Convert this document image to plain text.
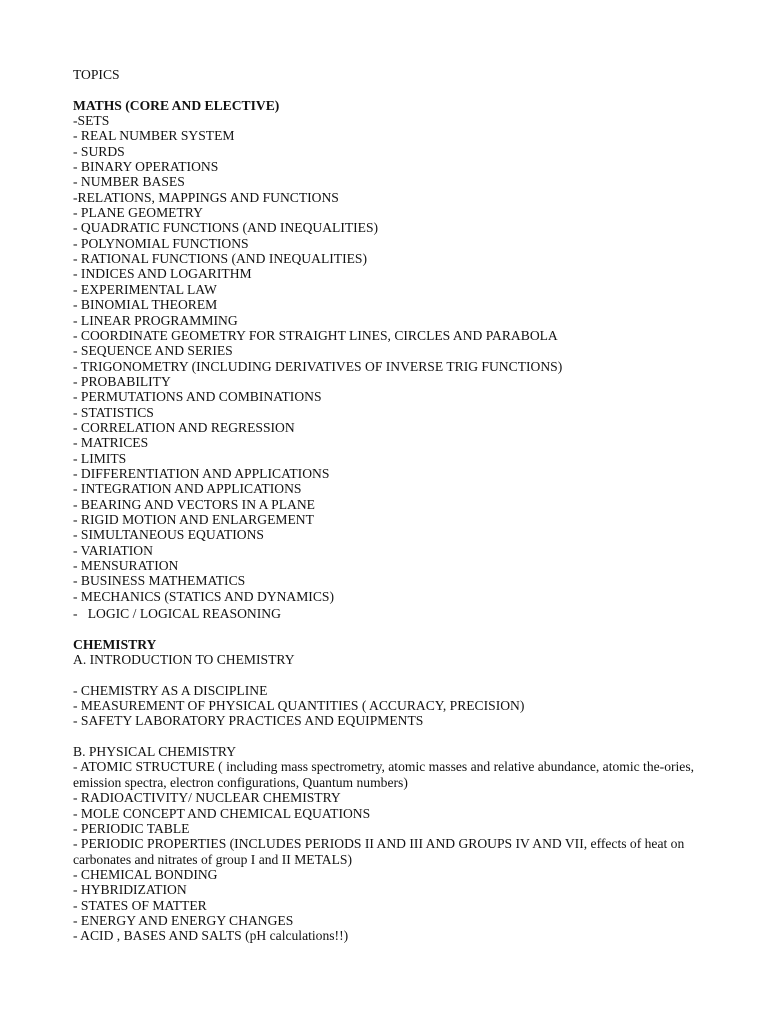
TOPICS
MATHS (CORE AND ELECTIVE)
-SETS
- REAL NUMBER SYSTEM
- SURDS
- BINARY OPERATIONS
- NUMBER BASES
-RELATIONS, MAPPINGS AND FUNCTIONS
- PLANE GEOMETRY
- QUADRATIC FUNCTIONS (AND INEQUALITIES)
- POLYNOMIAL FUNCTIONS
- RATIONAL FUNCTIONS (AND INEQUALITIES)
- INDICES AND LOGARITHM
- EXPERIMENTAL LAW
- BINOMIAL THEOREM
- LINEAR PROGRAMMING
- COORDINATE GEOMETRY FOR STRAIGHT LINES, CIRCLES AND PARABOLA
- SEQUENCE AND SERIES
- TRIGONOMETRY (INCLUDING DERIVATIVES OF INVERSE TRIG FUNCTIONS)
- PROBABILITY
- PERMUTATIONS AND COMBINATIONS
- STATISTICS
- CORRELATION AND REGRESSION
- MATRICES
- LIMITS
- DIFFERENTIATION AND APPLICATIONS
- INTEGRATION AND APPLICATIONS
- BEARING AND VECTORS IN A PLANE
- RIGID MOTION AND ENLARGEMENT
- SIMULTANEOUS EQUATIONS
- VARIATION
- MENSURATION
- BUSINESS MATHEMATICS
- MECHANICS (STATICS AND DYNAMICS)
-   LOGIC / LOGICAL REASONING
CHEMISTRY
A. INTRODUCTION TO CHEMISTRY
- CHEMISTRY AS A DISCIPLINE
- MEASUREMENT OF PHYSICAL QUANTITIES ( ACCURACY, PRECISION)
- SAFETY LABORATORY PRACTICES AND EQUIPMENTS
B. PHYSICAL CHEMISTRY
- ATOMIC STRUCTURE ( including mass spectrometry, atomic masses and relative abundance, atomic the-ories, emission spectra, electron configurations, Quantum numbers)
- RADIOACTIVITY/ NUCLEAR CHEMISTRY
- MOLE CONCEPT AND CHEMICAL EQUATIONS
- PERIODIC TABLE
- PERIODIC PROPERTIES (INCLUDES PERIODS II AND III AND GROUPS IV AND VII, effects of heat on carbonates and nitrates of group I and II METALS)
- CHEMICAL BONDING
- HYBRIDIZATION
- STATES OF MATTER
- ENERGY AND ENERGY CHANGES
- ACID , BASES AND SALTS (pH calculations!!)
